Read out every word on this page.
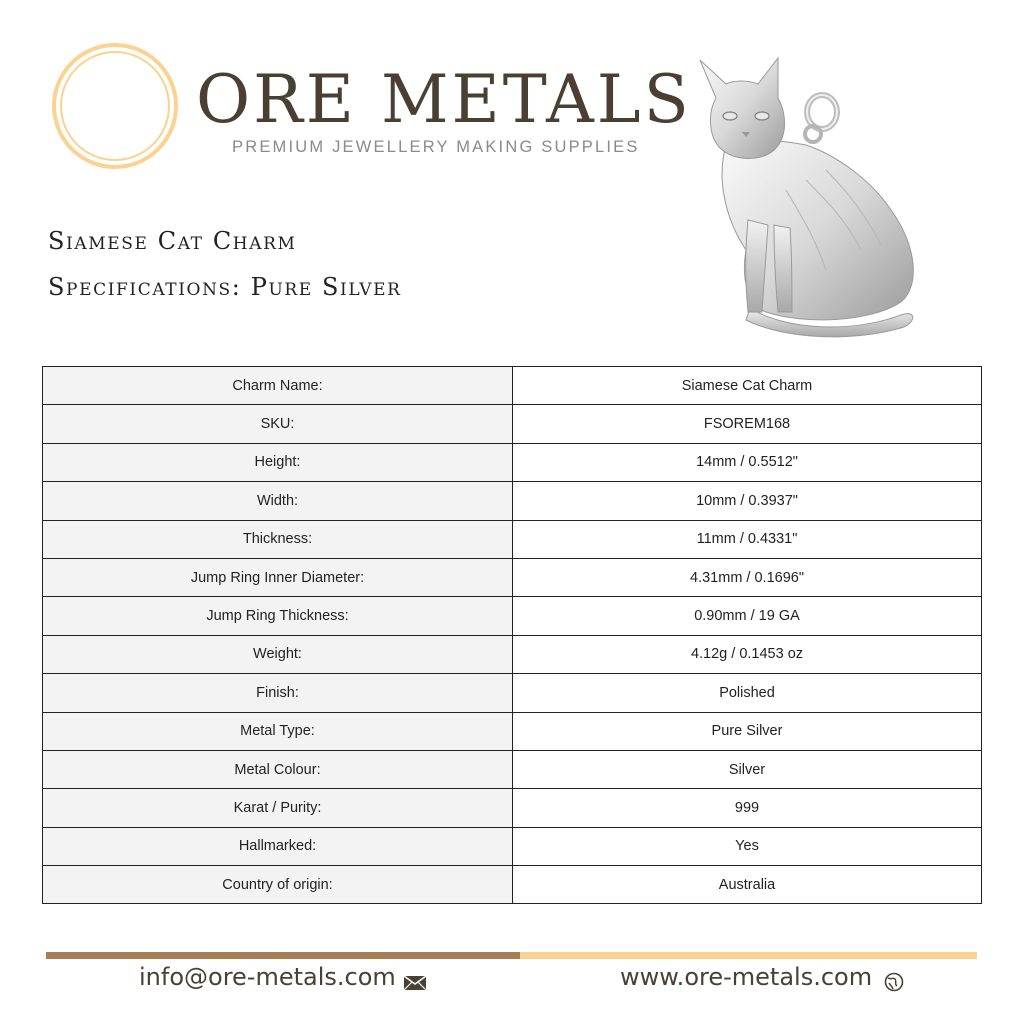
ORE METALS
PREMIUM JEWELLERY MAKING SUPPLIES
Siamese Cat Charm
Specifications: Pure Silver
Charm Name:	Siamese Cat Charm
SKU:	FSOREM168
Height:	14mm / 0.5512"
Width:	10mm / 0.3937"
Thickness:	11mm / 0.4331"
Jump Ring Inner Diameter:	4.31mm / 0.1696"
Jump Ring Thickness:	0.90mm / 19 GA
Weight:	4.12g / 0.1453 oz
Finish:	Polished
Metal Type:	Pure Silver
Metal Colour:	Silver
Karat / Purity:	999
Hallmarked:	Yes
Country of origin:	Australia
info@ore-metals.com	www.ore-metals.com
